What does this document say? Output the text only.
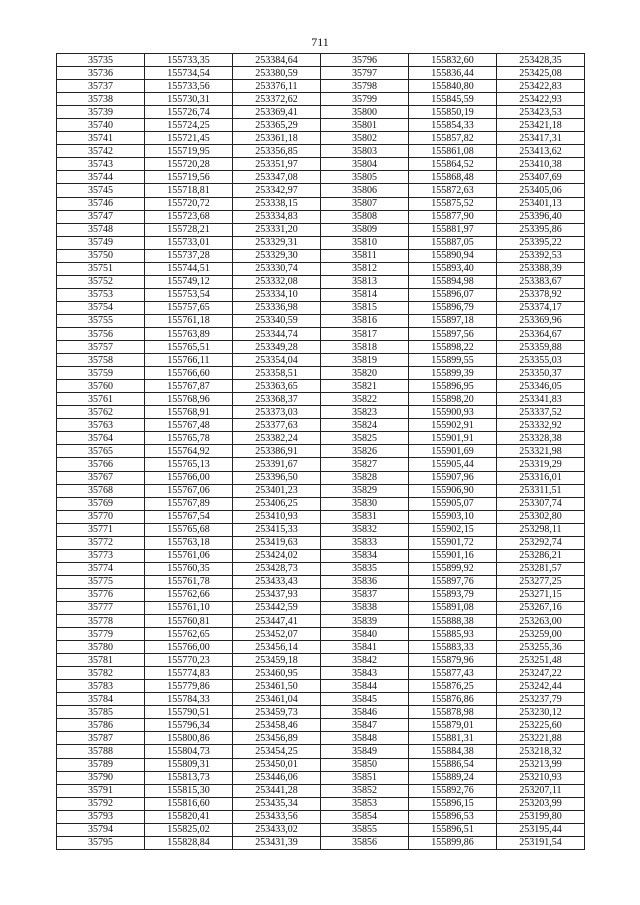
711
35735	155733,35	253384,64	35796	155832,60	253428,35
35736	155734,54	253380,59	35797	155836,44	253425,08
35737	155733,56	253376,11	35798	155840,80	253422,83
35738	155730,31	253372,62	35799	155845,59	253422,93
35739	155726,74	253369,41	35800	155850,19	253423,53
35740	155724,25	253365,29	35801	155854,33	253421,18
35741	155721,45	253361,18	35802	155857,82	253417,31
35742	155719,95	253356,85	35803	155861,08	253413,62
35743	155720,28	253351,97	35804	155864,52	253410,38
35744	155719,56	253347,08	35805	155868,48	253407,69
35745	155718,81	253342,97	35806	155872,63	253405,06
35746	155720,72	253338,15	35807	155875,52	253401,13
35747	155723,68	253334,83	35808	155877,90	253396,40
35748	155728,21	253331,20	35809	155881,97	253395,86
35749	155733,01	253329,31	35810	155887,05	253395,22
35750	155737,28	253329,30	35811	155890,94	253392,53
35751	155744,51	253330,74	35812	155893,40	253388,39
35752	155749,12	253332,08	35813	155894,98	253383,67
35753	155753,54	253334,10	35814	155896,07	253378,92
35754	155757,65	253336,98	35815	155896,79	253374,17
35755	155761,18	253340,59	35816	155897,18	253369,96
35756	155763,89	253344,74	35817	155897,56	253364,67
35757	155765,51	253349,28	35818	155898,22	253359,88
35758	155766,11	253354,04	35819	155899,55	253355,03
35759	155766,60	253358,51	35820	155899,39	253350,37
35760	155767,87	253363,65	35821	155896,95	253346,05
35761	155768,96	253368,37	35822	155898,20	253341,83
35762	155768,91	253373,03	35823	155900,93	253337,52
35763	155767,48	253377,63	35824	155902,91	253332,92
35764	155765,78	253382,24	35825	155901,91	253328,38
35765	155764,92	253386,91	35826	155901,69	253321,98
35766	155765,13	253391,67	35827	155905,44	253319,29
35767	155766,00	253396,50	35828	155907,96	253316,01
35768	155767,06	253401,23	35829	155906,90	253311,51
35769	155767,89	253406,25	35830	155905,07	253307,74
35770	155767,54	253410,93	35831	155903,10	253302,80
35771	155765,68	253415,33	35832	155902,15	253298,11
35772	155763,18	253419,63	35833	155901,72	253292,74
35773	155761,06	253424,02	35834	155901,16	253286,21
35774	155760,35	253428,73	35835	155899,92	253281,57
35775	155761,78	253433,43	35836	155897,76	253277,25
35776	155762,66	253437,93	35837	155893,79	253271,15
35777	155761,10	253442,59	35838	155891,08	253267,16
35778	155760,81	253447,41	35839	155888,38	253263,00
35779	155762,65	253452,07	35840	155885,93	253259,00
35780	155766,00	253456,14	35841	155883,33	253255,36
35781	155770,23	253459,18	35842	155879,96	253251,48
35782	155774,83	253460,95	35843	155877,43	253247,22
35783	155779,86	253461,50	35844	155876,25	253242,44
35784	155784,33	253461,04	35845	155876,86	253237,79
35785	155790,51	253459,73	35846	155878,98	253230,12
35786	155796,34	253458,46	35847	155879,01	253225,60
35787	155800,86	253456,89	35848	155881,31	253221,88
35788	155804,73	253454,25	35849	155884,38	253218,32
35789	155809,31	253450,01	35850	155886,54	253213,99
35790	155813,73	253446,06	35851	155889,24	253210,93
35791	155815,30	253441,28	35852	155892,76	253207,11
35792	155816,60	253435,34	35853	155896,15	253203,99
35793	155820,41	253433,56	35854	155896,53	253199,80
35794	155825,02	253433,02	35855	155896,51	253195,44
35795	155828,84	253431,39	35856	155899,86	253191,54
